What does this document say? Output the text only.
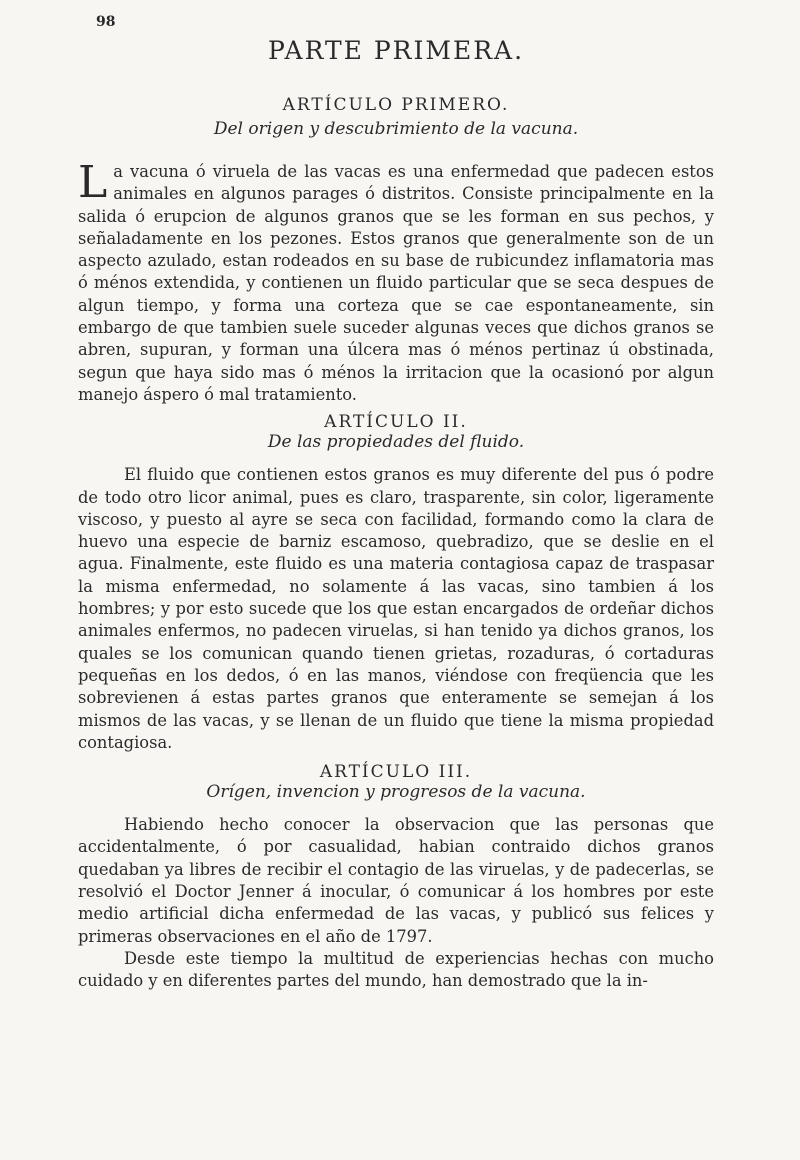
98
PARTE PRIMERA.
ARTÍCULO PRIMERO.

Del origen y descubrimiento de la vacuna.

La vacuna ó viruela de las vacas es una enfermedad que padecen estos animales en algunos parages ó distritos. Consiste principalmente en la salida ó erupcion de algunos granos que se les forman en sus pechos, y señaladamente en los pezones. Estos granos que generalmente son de un aspecto azulado, estan rodeados en su base de rubicundez inflamatoria mas ó ménos extendida, y contienen un fluido particular que se seca despues de algun tiempo, y forma una corteza que se cae espontaneamente, sin embargo de que tambien suele suceder algunas veces que dichos granos se abren, supuran, y forman una úlcera mas ó ménos pertinaz ú obstinada, segun que haya sido mas ó ménos la irritacion que la ocasionó por algun manejo áspero ó mal tratamiento.

ARTÍCULO II.

De las propiedades del fluido.

El fluido que contienen estos granos es muy diferente del pus ó podre de todo otro licor animal, pues es claro, trasparente, sin color, ligeramente viscoso, y puesto al ayre se seca con facilidad, formando como la clara de huevo una especie de barniz escamoso, quebradizo, que se deslie en el agua. Finalmente, este fluido es una materia contagiosa capaz de traspasar la misma enfermedad, no solamente á las vacas, sino tambien á los hombres; y por esto sucede que los que estan encargados de ordeñar dichos animales enfermos, no padecen viruelas, si han tenido ya dichos granos, los quales se los comunican quando tienen grietas, rozaduras, ó cortaduras pequeñas en los dedos, ó en las manos, viéndose con freqüencia que les sobrevienen á estas partes granos que enteramente se semejan á los mismos de las vacas, y se llenan de un fluido que tiene la misma propiedad contagiosa.

ARTÍCULO III.

Orígen, invencion y progresos de la vacuna.

Habiendo hecho conocer la observacion que las personas que accidentalmente, ó por casualidad, habian contraido dichos granos quedaban ya libres de recibir el contagio de las viruelas, y de padecerlas, se resolvió el Doctor Jenner á inocular, ó comunicar á los hombres por este medio artificial dicha enfermedad de las vacas, y publicó sus felices y primeras observaciones en el año de 1797.

Desde este tiempo la multitud de experiencias hechas con mucho cuidado y en diferentes partes del mundo, han demostrado que la in-
